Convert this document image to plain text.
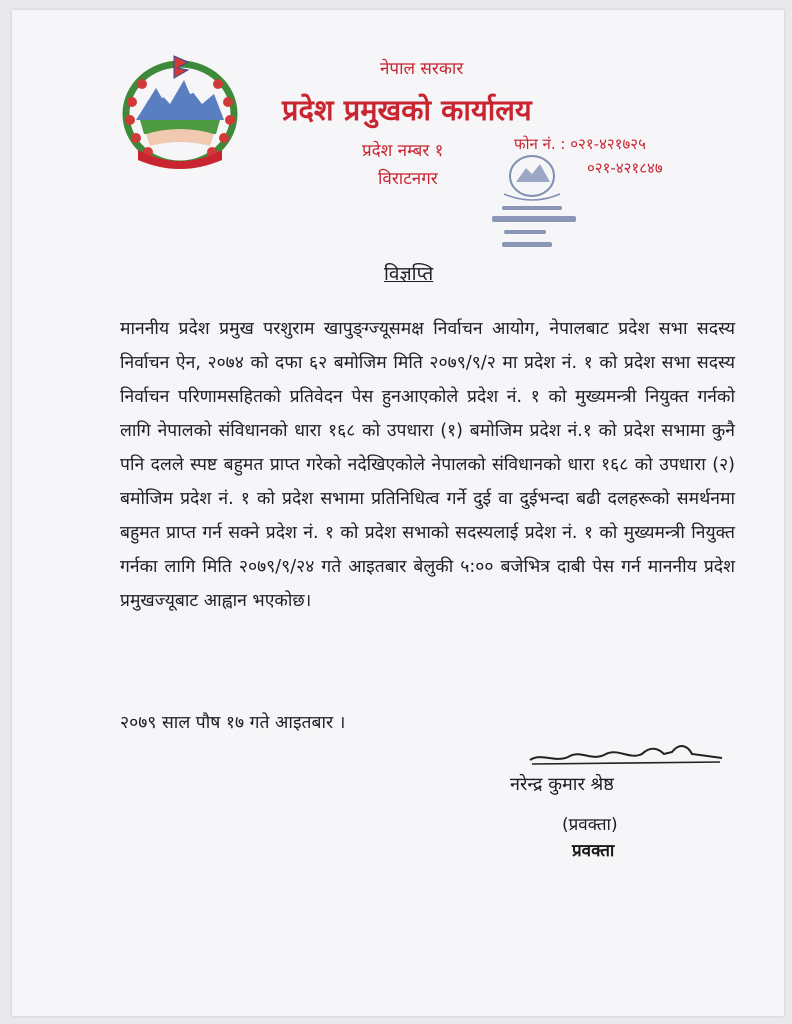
नेपाल सरकार
प्रदेश प्रमुखको कार्यालय
प्रदेश नम्बर १
विराटनगर
फोन नं. : ०२१-४२१७२५
०२१-४२१८४७
विज्ञप्ति
माननीय प्रदेश प्रमुख परशुराम खापुङ्ग्ज्यूसमक्ष निर्वाचन आयोग, नेपालबाट प्रदेश सभा सदस्य निर्वाचन ऐन, २०७४ को दफा ६२ बमोजिम मिति २०७९/९/२ मा प्रदेश नं. १ को प्रदेश सभा सदस्य निर्वाचन परिणामसहितको प्रतिवेदन पेस हुनआएकोले प्रदेश नं. १ को मुख्यमन्त्री नियुक्त गर्नको लागि नेपालको संविधानको धारा १६८ को उपधारा (१) बमोजिम प्रदेश नं.१ को प्रदेश सभामा कुनै पनि दलले स्पष्ट बहुमत प्राप्त गरेको नदेखिएकोले नेपालको संविधानको धारा १६८ को उपधारा (२) बमोजिम प्रदेश नं. १ को प्रदेश सभामा प्रतिनिधित्व गर्ने दुई वा दुईभन्दा बढी दलहरूको समर्थनमा बहुमत प्राप्त गर्न सक्ने प्रदेश नं. १ को प्रदेश सभाको सदस्यलाई प्रदेश नं. १ को मुख्यमन्त्री नियुक्त गर्नका लागि मिति २०७९/९/२४ गते आइतबार बेलुकी ५:०० बजेभित्र दाबी पेस गर्न माननीय प्रदेश प्रमुखज्यूबाट आह्वान भएकोछ।
२०७९ साल पौष १७ गते आइतबार ।
नरेन्द्र कुमार श्रेष्ठ
(प्रवक्ता)
प्रवक्ता
